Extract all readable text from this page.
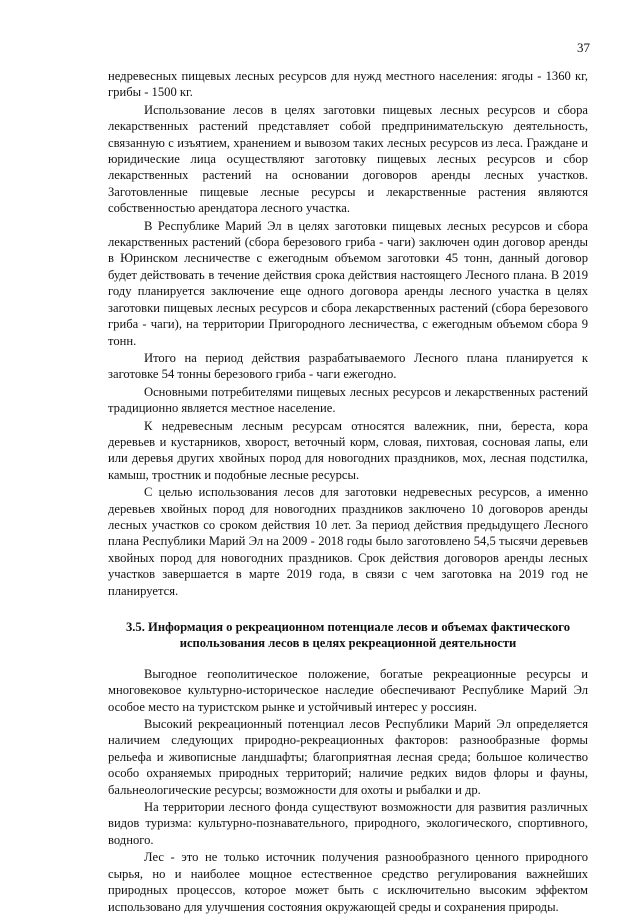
37

недревесных пищевых лесных ресурсов для нужд местного населения: ягоды - 1360 кг, грибы - 1500 кг.

Использование лесов в целях заготовки пищевых лесных ресурсов и сбора лекарственных растений представляет собой предпринимательскую деятельность, связанную с изъятием, хранением и вывозом таких лесных ресурсов из леса. Граждане и юридические лица осуществляют заготовку пищевых лесных ресурсов и сбор лекарственных растений на основании договоров аренды лесных участков. Заготовленные пищевые лесные ресурсы и лекарственные растения являются собственностью арендатора лесного участка.

В Республике Марий Эл в целях заготовки пищевых лесных ресурсов и сбора лекарственных растений (сбора березового гриба - чаги) заключен один договор аренды в Юринском лесничестве с ежегодным объемом заготовки 45 тонн, данный договор будет действовать в течение действия срока действия настоящего Лесного плана. В 2019 году планируется заключение еще одного договора аренды лесного участка в целях заготовки пищевых лесных ресурсов и сбора лекарственных растений (сбора березового гриба - чаги), на территории Пригородного лесничества, с ежегодным объемом сбора 9 тонн.

Итого на период действия разрабатываемого Лесного плана планируется к заготовке 54 тонны березового гриба - чаги ежегодно.

Основными потребителями пищевых лесных ресурсов и лекарственных растений традиционно является местное население.

К недревесным лесным ресурсам относятся валежник, пни, береста, кора деревьев и кустарников, хворост, веточный корм, словая, пихтовая, сосновая лапы, ели или деревья других хвойных пород для новогодних праздников, мох, лесная подстилка, камыш, тростник и подобные лесные ресурсы.

С целью использования лесов для заготовки недревесных ресурсов, а именно деревьев хвойных пород для новогодних праздников заключено 10 договоров аренды лесных участков со сроком действия 10 лет. За период действия предыдущего Лесного плана Республики Марий Эл на 2009 - 2018 годы было заготовлено 54,5 тысячи деревьев хвойных пород для новогодних праздников. Срок действия договоров аренды лесных участков завершается в марте 2019 года, в связи с чем заготовка на 2019 год не планируется.

3.5. Информация о рекреационном потенциале лесов и объемах фактического использования лесов в целях рекреационной деятельности

Выгодное геополитическое положение, богатые рекреационные ресурсы и многовековое культурно-историческое наследие обеспечивают Республике Марий Эл особое место на туристском рынке и устойчивый интерес у россиян.

Высокий рекреационный потенциал лесов Республики Марий Эл определяется наличием следующих природно-рекреационных факторов: разнообразные формы рельефа и живописные ландшафты; благоприятная лесная среда; большое количество особо охраняемых природных территорий; наличие редких видов флоры и фауны, бальнеологические ресурсы; возможности для охоты и рыбалки и др.

На территории лесного фонда существуют возможности для развития различных видов туризма: культурно-познавательного, природного, экологического, спортивного, водного.

Лес - это не только источник получения разнообразного ценного природного сырья, но и наиболее мощное естественное средство регулирования важнейших природных процессов, которое может быть с исключительно высоким эффектом использовано для улучшения состояния окружающей среды и сохранения природы.
